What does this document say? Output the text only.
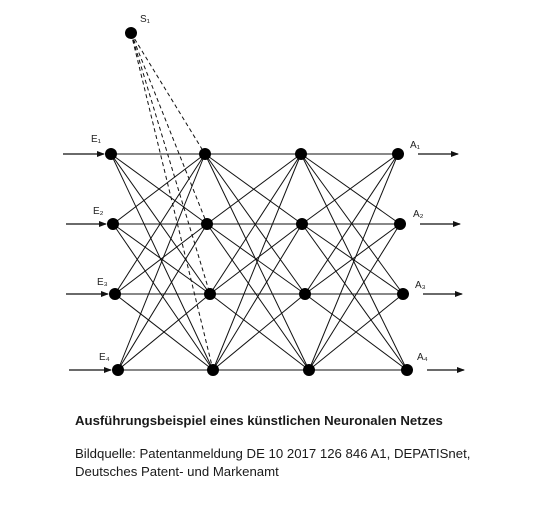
S₁
E₁
E₂
E₃
E₄
A₁
A₂
A₃
A₄
Ausführungsbeispiel eines künstlichen Neuronalen Netzes
Bildquelle: Patentanmeldung DE 10 2017 126 846 A1, DEPATISnet,
Deutsches Patent- und Markenamt
